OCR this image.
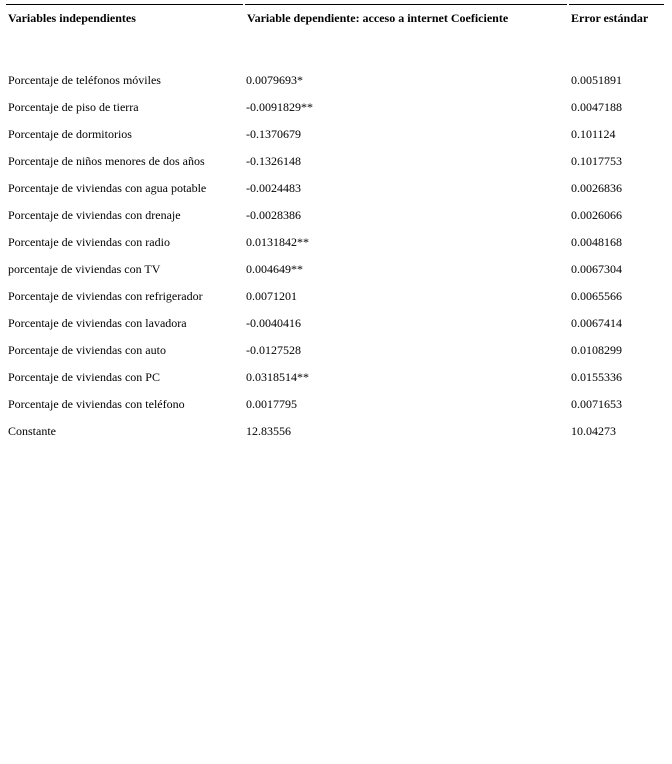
Variables independientes	Variable dependiente: acceso a internet Coeficiente	Error estándar
Porcentaje de teléfonos móviles	0.0079693*	0.0051891
Porcentaje de piso de tierra	-0.0091829**	0.0047188
Porcentaje de dormitorios	-0.1370679	0.101124
Porcentaje de niños menores de dos años	-0.1326148	0.1017753
Porcentaje de viviendas con agua potable	-0.0024483	0.0026836
Porcentaje de viviendas con drenaje	-0.0028386	0.0026066
Porcentaje de viviendas con radio	0.0131842**	0.0048168
porcentaje de viviendas con TV	0.004649**	0.0067304
Porcentaje de viviendas con refrigerador	0.0071201	0.0065566
Porcentaje de viviendas con lavadora	-0.0040416	0.0067414
Porcentaje de viviendas con auto	-0.0127528	0.0108299
Porcentaje de viviendas con PC	0.0318514**	0.0155336
Porcentaje de viviendas con teléfono	0.0017795	0.0071653
Constante	12.83556	10.04273
